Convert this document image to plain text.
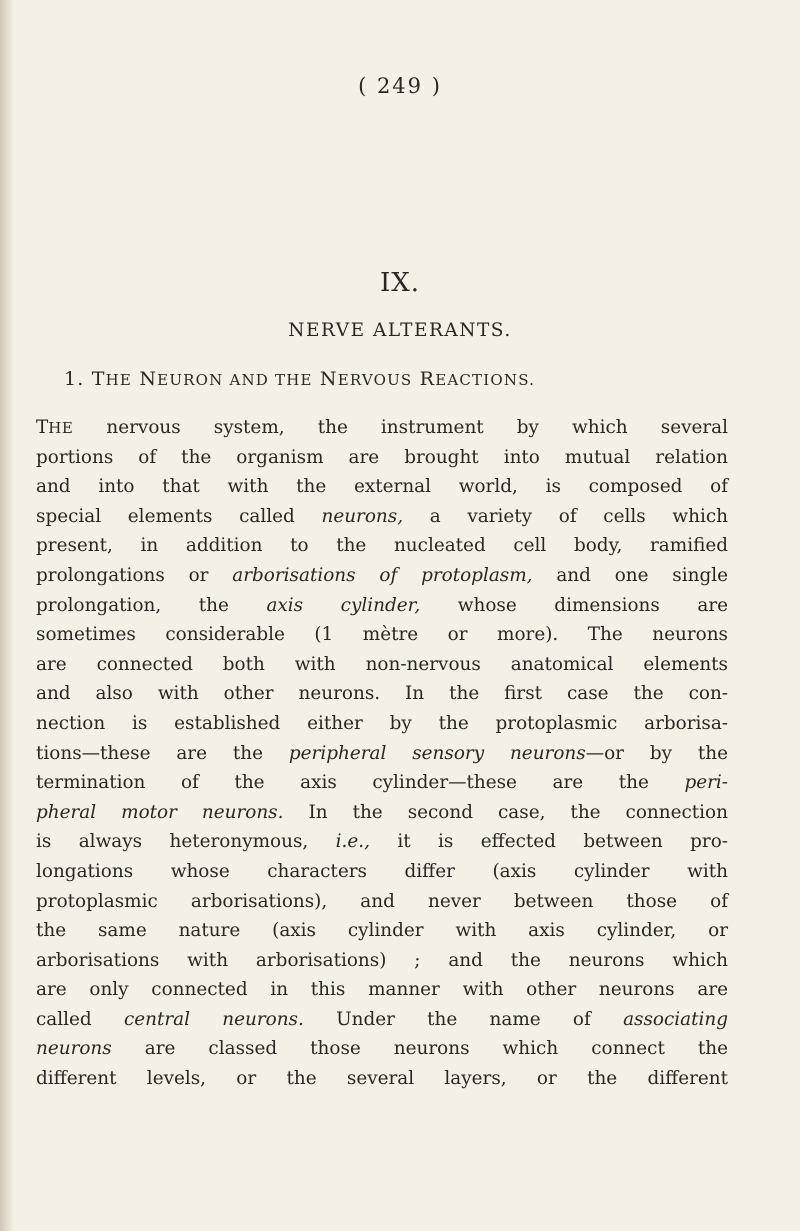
( 249 )
IX.
NERVE ALTERANTS.
1. THE NEURON AND THE NERVOUS REACTIONS.
THE nervous system, the instrument by which several
portions of the organism are brought into mutual relation
and into that with the external world, is composed of
special elements called neurons, a variety of cells which
present, in addition to the nucleated cell body, ramified
prolongations or arborisations of protoplasm, and one single
prolongation, the axis cylinder, whose dimensions are
sometimes considerable (1 mètre or more). The neurons
are connected both with non-nervous anatomical elements
and also with other neurons. In the first case the con-
nection is established either by the protoplasmic arborisa-
tions—these are the peripheral sensory neurons—or by the
termination of the axis cylinder—these are the peri-
pheral motor neurons. In the second case, the connection
is always heteronymous, i.e., it is effected between pro-
longations whose characters differ (axis cylinder with
protoplasmic arborisations), and never between those of
the same nature (axis cylinder with axis cylinder, or
arborisations with arborisations) ; and the neurons which
are only connected in this manner with other neurons are
called central neurons. Under the name of associating
neurons are classed those neurons which connect the
different levels, or the several layers, or the different
